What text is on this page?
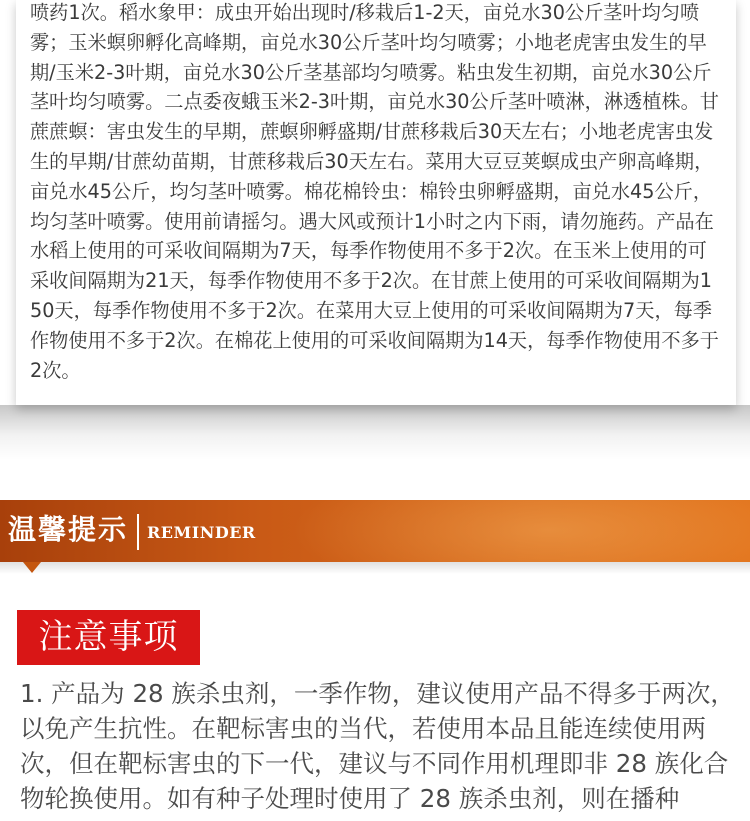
喷药1次。稻水象甲：成虫开始出现时/移栽后1-2天，亩兑水30公斤茎叶均匀喷雾；玉米螟卵孵化高峰期，亩兑水30公斤茎叶均匀喷雾；小地老虎害虫发生的早期/玉米2-3叶期，亩兑水30公斤茎基部均匀喷雾。粘虫发生初期，亩兑水30公斤茎叶均匀喷雾。二点委夜蛾玉米2-3叶期，亩兑水30公斤茎叶喷淋，淋透植株。甘蔗蔗螟：害虫发生的早期，蔗螟卵孵盛期/甘蔗移栽后30天左右；小地老虎害虫发生的早期/甘蔗幼苗期，甘蔗移栽后30天左右。菜用大豆豆荚螟成虫产卵高峰期，亩兑水45公斤，均匀茎叶喷雾。棉花棉铃虫：棉铃虫卵孵盛期，亩兑水45公斤，均匀茎叶喷雾。使用前请摇匀。遇大风或预计1小时之内下雨，请勿施药。产品在水稻上使用的可采收间隔期为7天，每季作物使用不多于2次。在玉米上使用的可采收间隔期为21天，每季作物使用不多于2次。在甘蔗上使用的可采收间隔期为150天，每季作物使用不多于2次。在菜用大豆上使用的可采收间隔期为7天，每季作物使用不多于2次。在棉花上使用的可采收间隔期为14天，每季作物使用不多于2次。

温馨提示 REMINDER
注意事项

1. 产品为 28 族杀虫剂，一季作物，建议使用产品不得多于两次，以免产生抗性。在靶标害虫的当代，若使用本品且能连续使用两次，但在靶标害虫的下一代，建议与不同作用机理即非 28 族化合物轮换使用。如有种子处理时使用了 28 族杀虫剂，则在播种
